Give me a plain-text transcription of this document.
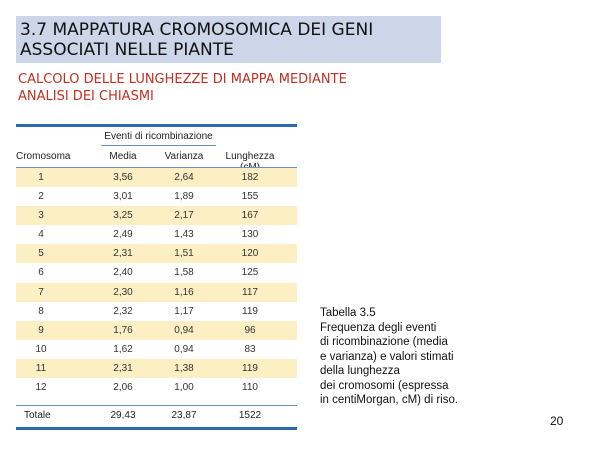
3.7 MAPPATURA CROMOSOMICA DEI GENI
ASSOCIATI NELLE PIANTE
CALCOLO DELLE LUNGHEZZE DI MAPPA MEDIANTE
ANALISI DEI CHIASMI
Eventi di ricombinazione
Cromosoma	Media	Varianza	Lunghezza
1	3,56	2,64	182
2	3,01	1,89	155
3	3,25	2,17	167
4	2,49	1,43	130
5	2,31	1,51	120
6	2,40	1,58	125
7	2,30	1,16	117
8	2,32	1,17	119
9	1,76	0,94	96
10	1,62	0,94	83
11	2,31	1,38	119
12	2,06	1,00	110
Totale	29,43	23,87	1522
Tabella 3.5
Frequenza degli eventi
di ricombinazione (media
e varianza) e valori stimati
della lunghezza
dei cromosomi (espressa
in centiMorgan, cM) di riso.
20
